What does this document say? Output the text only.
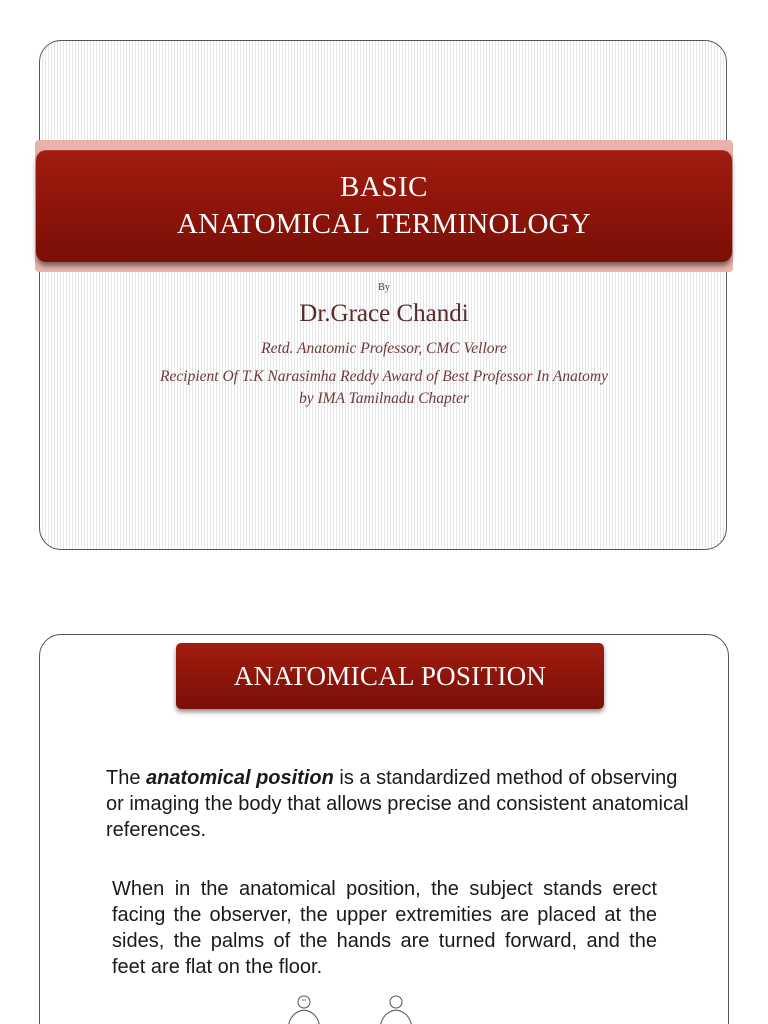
BASIC
ANATOMICAL TERMINOLOGY
By
Dr.Grace Chandi
Retd. Anatomic Professor, CMC Vellore
Recipient Of T.K Narasimha Reddy Award of Best Professor In Anatomy
by IMA Tamilnadu Chapter
ANATOMICAL POSITION
The anatomical position is a standardized method of observing or imaging the body that allows precise and consistent anatomical references.
When in the anatomical position, the subject stands erect facing the observer, the upper extremities are placed at the sides, the palms of the hands are turned forward, and the feet are flat on the floor.
